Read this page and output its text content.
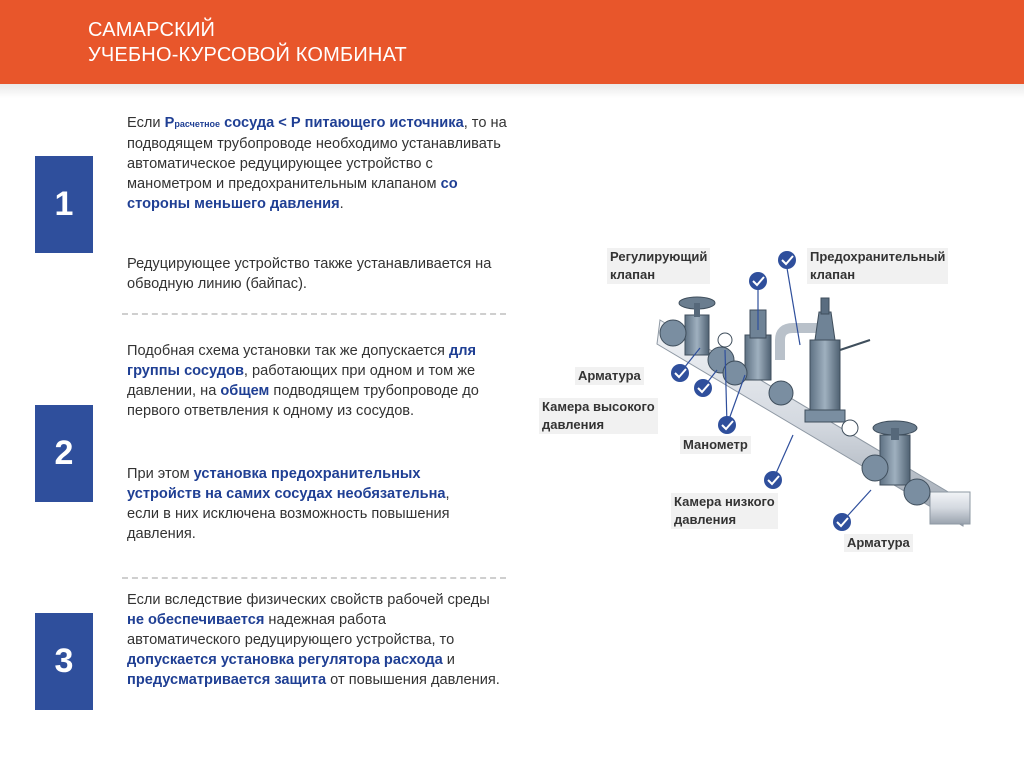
САМАРСКИЙ
УЧЕБНО-КУРСОВОЙ КОМБИНАТ
1
Если Ррасчетное сосуда < Р питающего источника, то на подводящем трубопроводе необходимо устанавливать автоматическое редуцирующее устройство с манометром и предохранительным клапаном со стороны меньшего давления.
Редуцирующее устройство также устанавливается на обводную линию (байпас).
2
Подобная схема установки так же допускается для группы сосудов, работающих при одном и том же давлении, на общем подводящем трубопроводе до первого ответвления к одному из сосудов.
При этом установка предохранительных устройств на самих сосудах необязательна, если в них исключена возможность повышения давления.
3
Если вследствие физических свойств рабочей среды не обеспечивается надежная работа автоматического редуцирующего устройства, то допускается установка регулятора расхода и предусматривается защита от повышения давления.
Регулирующий
клапан
Предохранительный
клапан
Арматура
Камера высокого
давления
Манометр
Камера низкого
давления
Арматура
